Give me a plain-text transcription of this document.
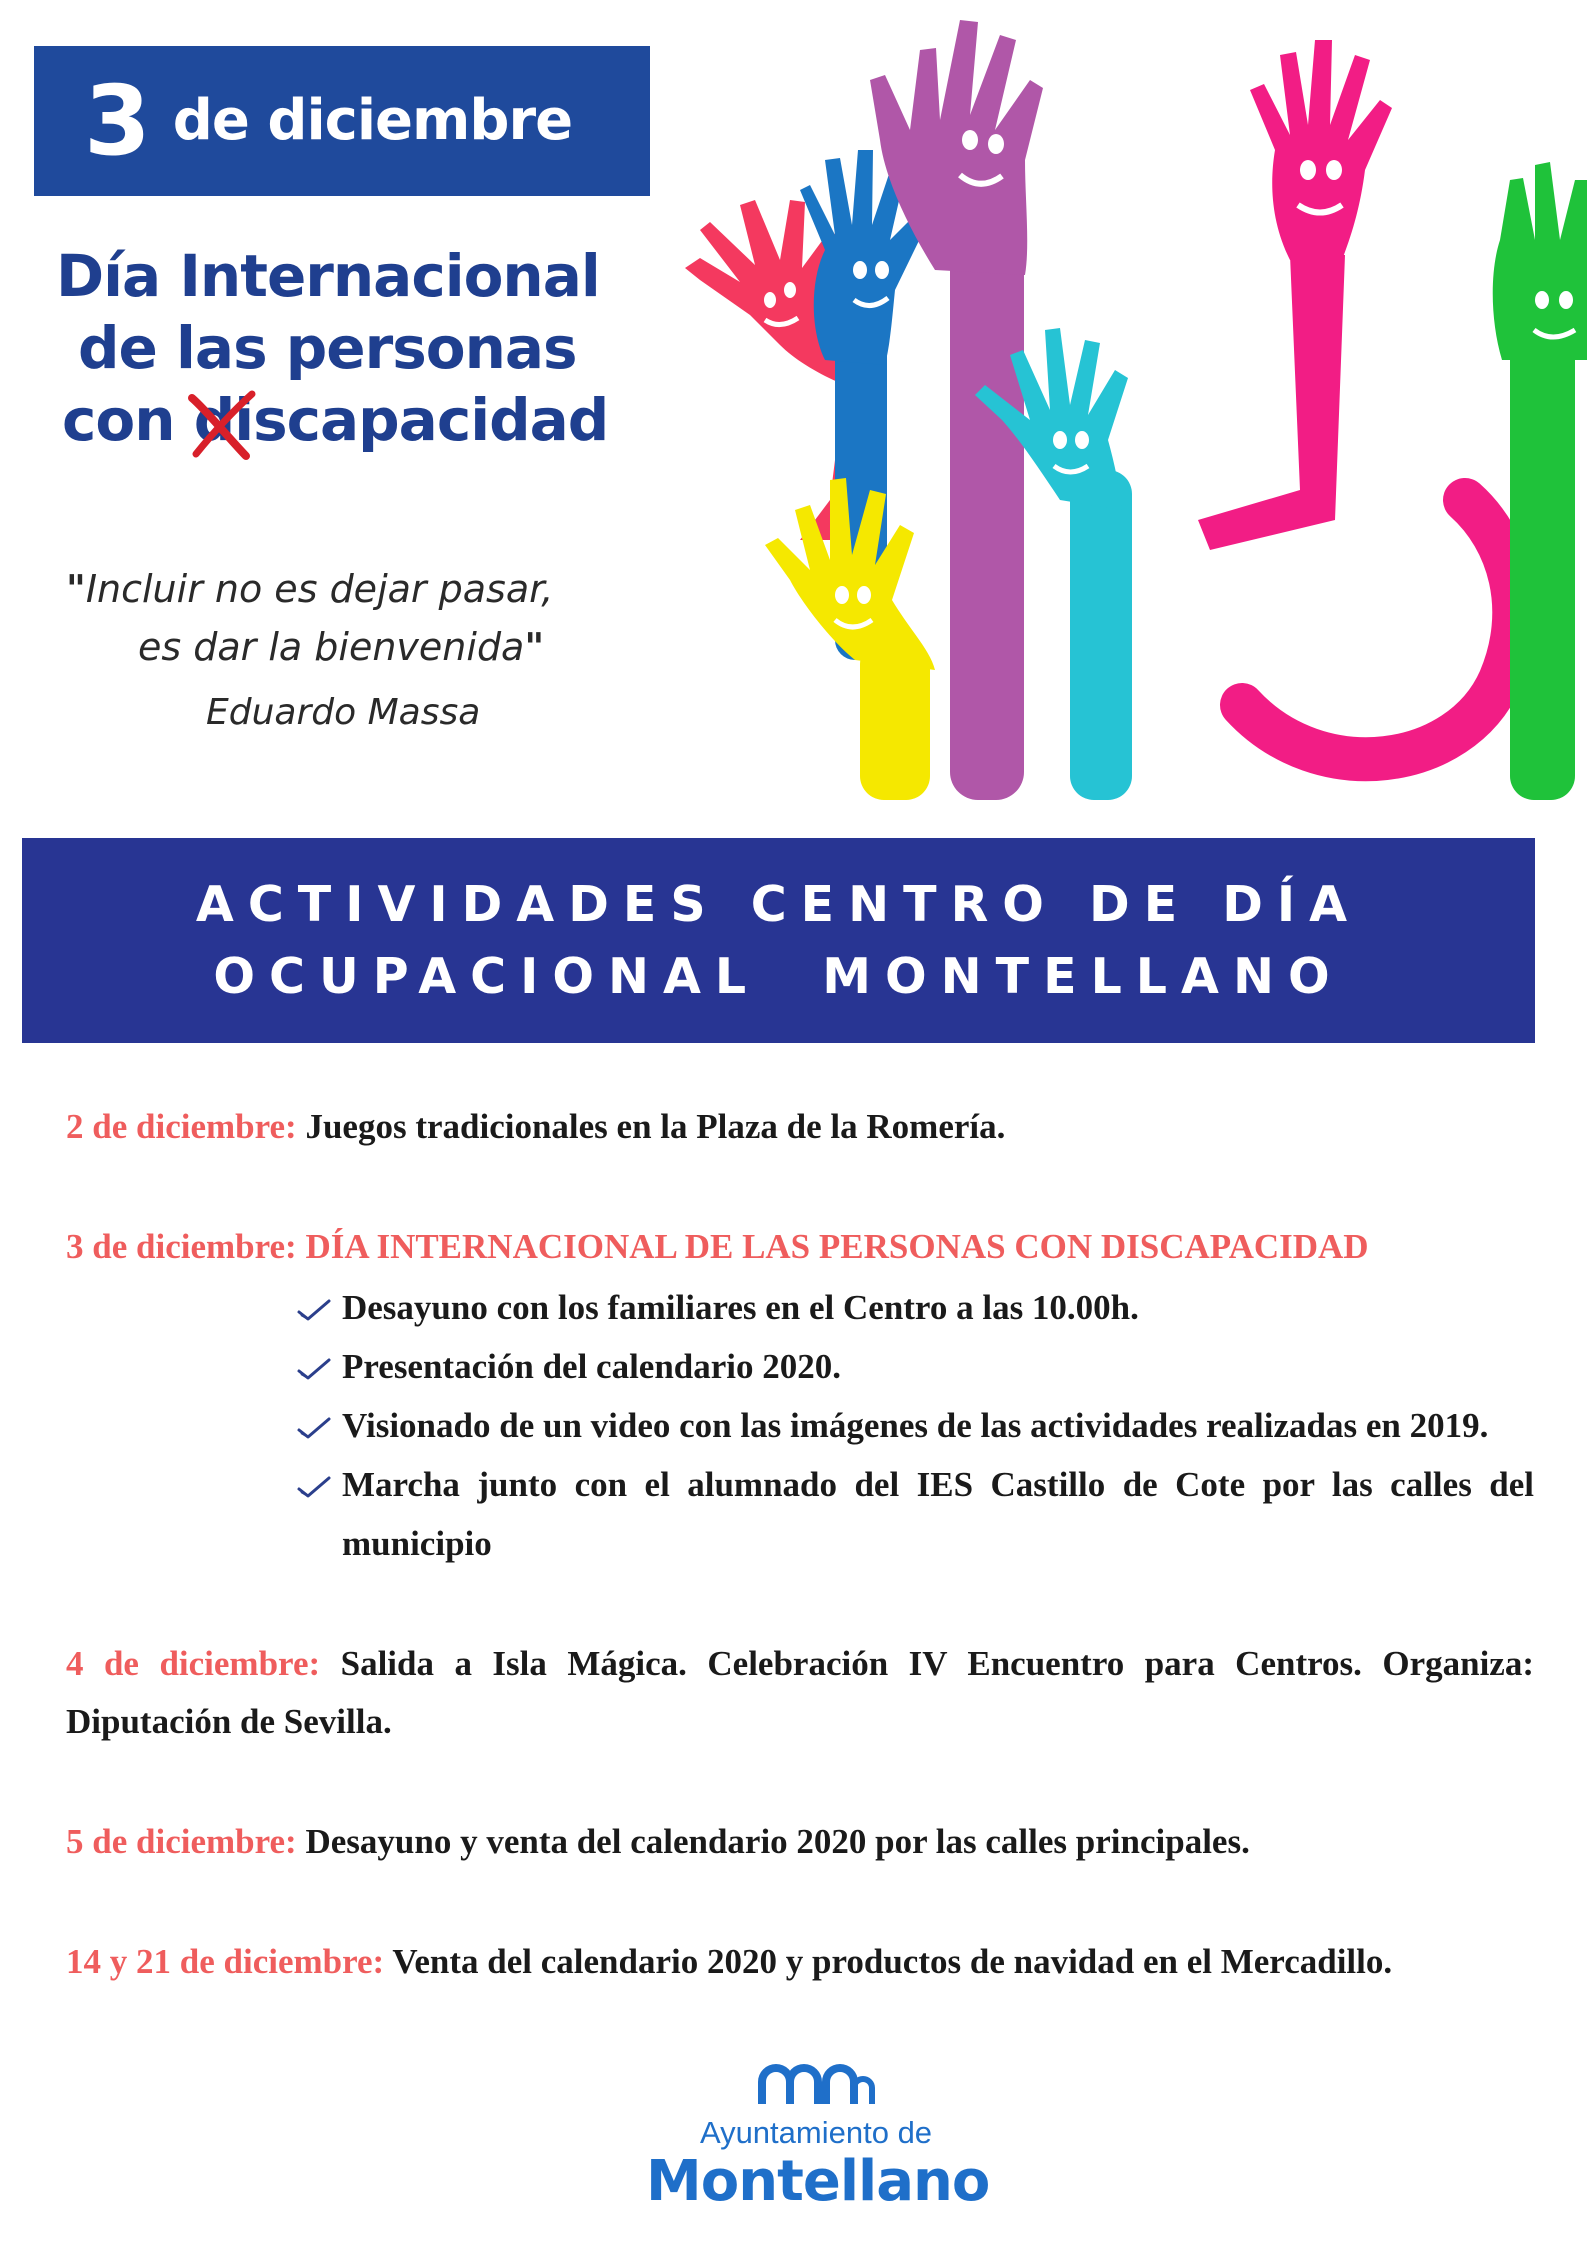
3 de diciembre
Día Internacional
de las personas
con di
scapacidad
"Incluir no es dejar pasar,
es dar la bienvenida"
Eduardo Massa
ACTIVIDADES CENTRO DE DÍA
OCUPACIONAL  MONTELLANO
2 de diciembre: Juegos tradicionales en la Plaza de la Romería.
3 de diciembre: DÍA INTERNACIONAL DE LAS PERSONAS CON DISCAPACIDAD
Desayuno con los familiares en el Centro a las 10.00h.
Presentación del calendario 2020.
Visionado de un video con las imágenes de las actividades realizadas en 2019.
Marcha junto con el alumnado del IES Castillo de Cote por las calles del municipio
4 de diciembre: Salida a Isla Mágica. Celebración IV Encuentro para Centros. Organiza: Diputación de Sevilla.
5 de diciembre: Desayuno y venta del calendario 2020 por las calles principales.
14 y 21 de diciembre: Venta del calendario 2020 y productos de navidad en el Mercadillo.
Ayuntamiento de
Montellano
